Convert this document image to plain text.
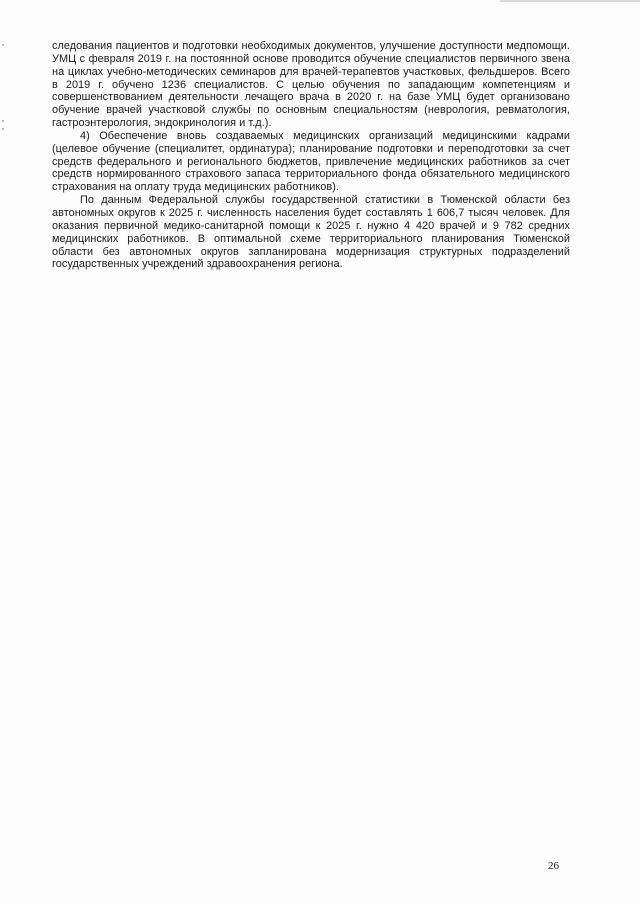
следования пациентов и подготовки необходимых документов, улучшение доступности медпомощи. УМЦ с февраля 2019 г. на постоянной основе проводится обучение специалистов первичного звена на циклах учебно-методических семинаров для врачей-терапевтов участковых, фельдшеров. Всего в 2019 г. обучено 1236 специалистов. С целью обучения по западающим компетенциям и совершенствованием деятельности лечащего врача в 2020 г. на базе УМЦ будет организовано обучение врачей участковой службы по основным специальностям (неврология, ревматология, гастроэнтерология, эндокринология и т.д.).

4) Обеспечение вновь создаваемых медицинских организаций медицинскими кадрами (целевое обучение (специалитет, ординатура); планирование подготовки и переподготовки за счет средств федерального и регионального бюджетов, привлечение медицинских работников за счет средств нормированного страхового запаса территориального фонда обязательного медицинского страхования на оплату труда медицинских работников).

По данным Федеральной службы государственной статистики в Тюменской области без автономных округов к 2025 г. численность населения будет составлять 1 606,7 тысяч человек. Для оказания первичной медико-санитарной помощи к 2025 г. нужно 4 420 врачей и 9 782 средних медицинских работников. В оптимальной схеме территориального планирования Тюменской области без автономных округов запланирована модернизация структурных подразделений государственных учреждений здравоохранения региона.

26
